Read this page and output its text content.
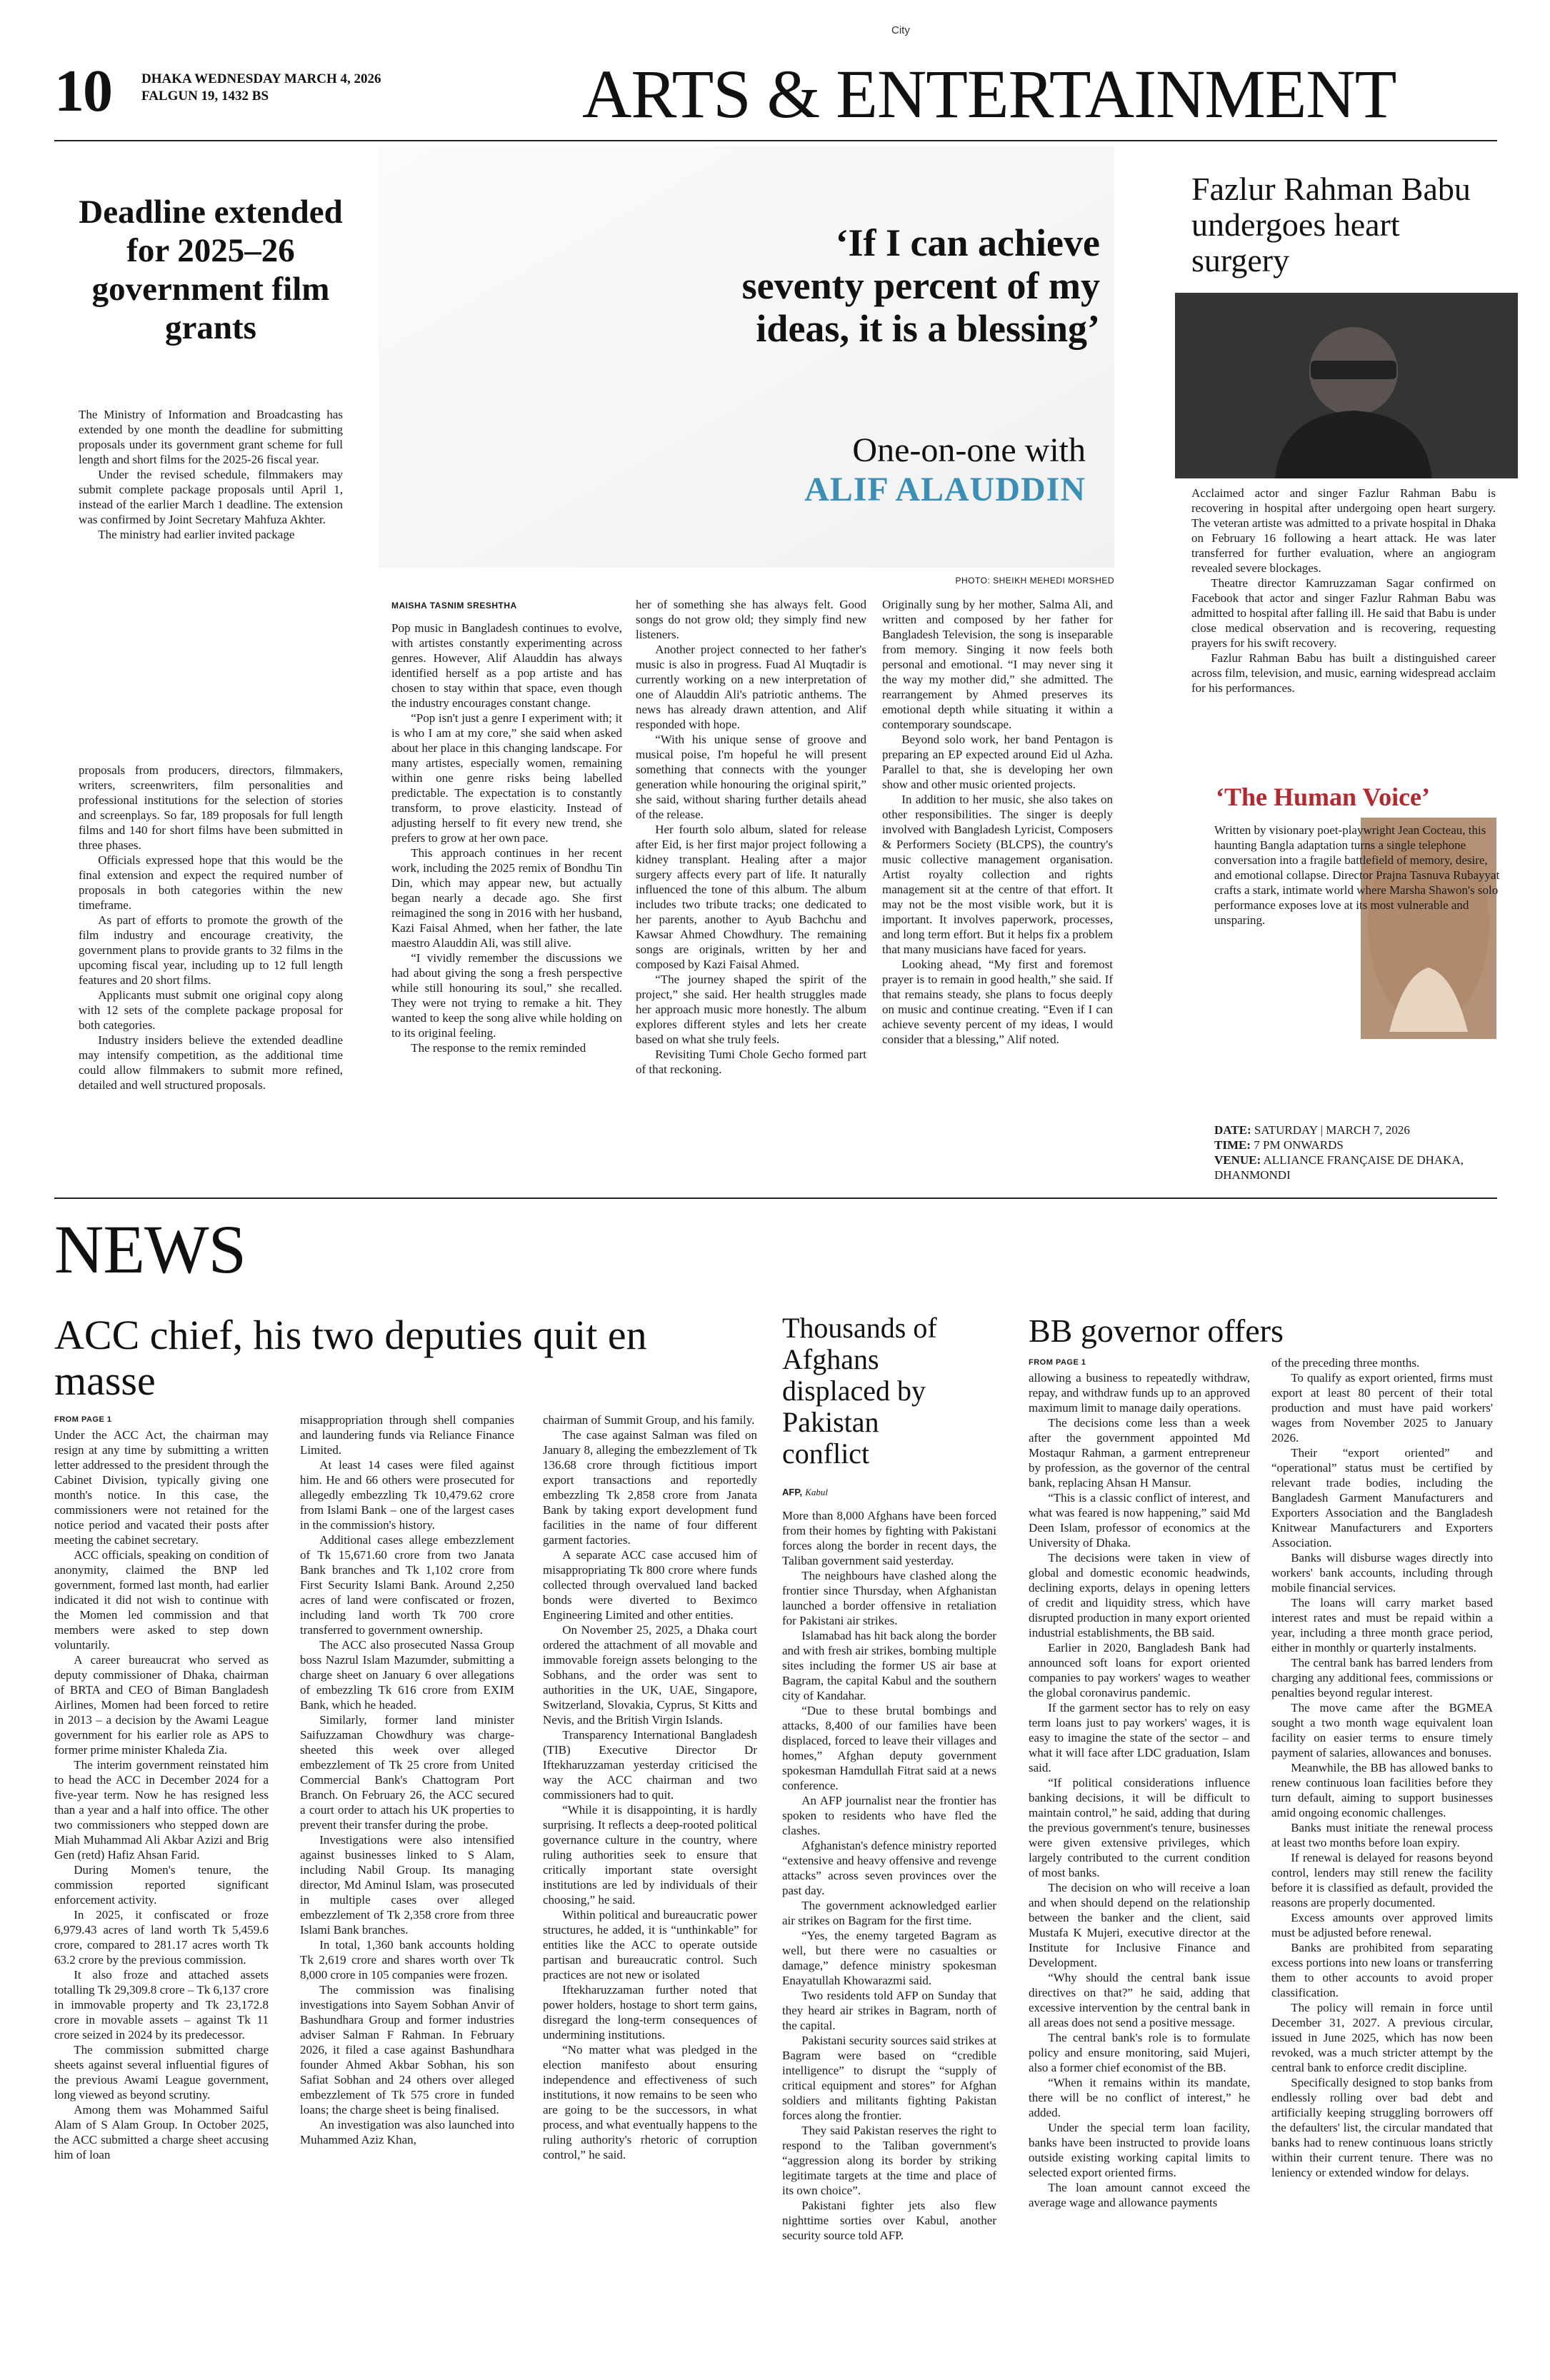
City
10 DHAKA WEDNESDAY MARCH 4, 2026
FALGUN 19, 1432 BS	ARTS & ENTERTAINMENT
Deadline extended for 2025–26 government film grants

The Ministry of Information and Broadcasting has extended by one month the deadline for submitting proposals under its government grant scheme for full length and short films for the 2025-26 fiscal year.

Under the revised schedule, filmmakers may submit complete package proposals until April 1, instead of the earlier March 1 deadline. The extension was confirmed by Joint Secretary Mahfuza Akhter.

The ministry had earlier invited package

proposals from producers, directors, filmmakers, writers, screenwriters, film personalities and professional institutions for the selection of stories and screenplays. So far, 189 proposals for full length films and 140 for short films have been submitted in three phases.

Officials expressed hope that this would be the final extension and expect the required number of proposals in both categories within the new timeframe.

As part of efforts to promote the growth of the film industry and encourage creativity, the government plans to provide grants to 32 films in the upcoming fiscal year, including up to 12 full length features and 20 short films.

Applicants must submit one original copy along with 12 sets of the complete package proposal for both categories.

Industry insiders believe the extended deadline may intensify competition, as the additional time could allow filmmakers to submit more refined, detailed and well structured proposals.

‘If I can achieve seventy percent of my ideas, it is a blessing’
One-on-one with
ALIF ALAUDDIN
PHOTO: SHEIKH MEHEDI MORSHED
MAISHA TASNIM SRESHTHA

Pop music in Bangladesh continues to evolve, with artistes constantly experimenting across genres. However, Alif Alauddin has always identified herself as a pop artiste and has chosen to stay within that space, even though the industry encourages constant change.

“Pop isn't just a genre I experiment with; it is who I am at my core,” she said when asked about her place in this changing landscape. For many artistes, especially women, remaining within one genre risks being labelled predictable. The expectation is to constantly transform, to prove elasticity. Instead of adjusting herself to fit every new trend, she prefers to grow at her own pace.

This approach continues in her recent work, including the 2025 remix of Bondhu Tin Din, which may appear new, but actually began nearly a decade ago. She first reimagined the song in 2016 with her husband, Kazi Faisal Ahmed, when her father, the late maestro Alauddin Ali, was still alive.

“I vividly remember the discussions we had about giving the song a fresh perspective while still honouring its soul,” she recalled. They were not trying to remake a hit. They wanted to keep the song alive while holding on to its original feeling.

The response to the remix reminded

her of something she has always felt. Good songs do not grow old; they simply find new listeners.

Another project connected to her father's music is also in progress. Fuad Al Muqtadir is currently working on a new interpretation of one of Alauddin Ali's patriotic anthems. The news has already drawn attention, and Alif responded with hope.

“With his unique sense of groove and musical poise, I'm hopeful he will present something that connects with the younger generation while honouring the original spirit,” she said, without sharing further details ahead of the release.

Her fourth solo album, slated for release after Eid, is her first major project following a kidney transplant. Healing after a major surgery affects every part of life. It naturally influenced the tone of this album. The album includes two tribute tracks; one dedicated to her parents, another to Ayub Bachchu and Kawsar Ahmed Chowdhury. The remaining songs are originals, written by her and composed by Kazi Faisal Ahmed.

“The journey shaped the spirit of the project,” she said. Her health struggles made her approach music more honestly. The album explores different styles and lets her create based on what she truly feels.

Revisiting Tumi Chole Gecho formed part of that reckoning.

Originally sung by her mother, Salma Ali, and written and composed by her father for Bangladesh Television, the song is inseparable from memory. Singing it now feels both personal and emotional. “I may never sing it the way my mother did,” she admitted. The rearrangement by Ahmed preserves its emotional depth while situating it within a contemporary soundscape.

Beyond solo work, her band Pentagon is preparing an EP expected around Eid ul Azha. Parallel to that, she is developing her own show and other music oriented projects.

In addition to her music, she also takes on other responsibilities. The singer is deeply involved with Bangladesh Lyricist, Composers & Performers Society (BLCPS), the country's music collective management organisation. Artist royalty collection and rights management sit at the centre of that effort. It may not be the most visible work, but it is important. It involves paperwork, processes, and long term effort. But it helps fix a problem that many musicians have faced for years.

Looking ahead, “My first and foremost prayer is to remain in good health,” she said. If that remains steady, she plans to focus deeply on music and continue creating. “Even if I can achieve seventy percent of my ideas, I would consider that a blessing,” Alif noted.

Fazlur Rahman Babu undergoes heart surgery

Acclaimed actor and singer Fazlur Rahman Babu is recovering in hospital after undergoing open heart surgery. The veteran artiste was admitted to a private hospital in Dhaka on February 16 following a heart attack. He was later transferred for further evaluation, where an angiogram revealed severe blockages.

Theatre director Kamruzzaman Sagar confirmed on Facebook that actor and singer Fazlur Rahman Babu was admitted to hospital after falling ill. He said that Babu is under close medical observation and is recovering, requesting prayers for his swift recovery.

Fazlur Rahman Babu has built a distinguished career across film, television, and music, earning widespread acclaim for his performances.

‘The Human Voice’
Written by visionary poet-playwright Jean Cocteau, this haunting Bangla adaptation turns a single telephone conversation into a fragile battlefield of memory, desire, and emotional collapse. Director Prajna Tasnuva Rubayyat crafts a stark, intimate world where Marsha Shawon's solo performance exposes love at its most vulnerable and unsparing.
DATE: SATURDAY | MARCH 7, 2026
TIME: 7 PM ONWARDS
VENUE: ALLIANCE FRANÇAISE DE DHAKA, DHANMONDI
NEWS
ACC chief, his two deputies quit en masse
FROM PAGE 1

Under the ACC Act, the chairman may resign at any time by submitting a written letter addressed to the president through the Cabinet Division, typically giving one month's notice. In this case, the commissioners were not retained for the notice period and vacated their posts after meeting the cabinet secretary.

ACC officials, speaking on condition of anonymity, claimed the BNP led government, formed last month, had earlier indicated it did not wish to continue with the Momen led commission and that members were asked to step down voluntarily.

A career bureaucrat who served as deputy commissioner of Dhaka, chairman of BRTA and CEO of Biman Bangladesh Airlines, Momen had been forced to retire in 2013 – a decision by the Awami League government for his earlier role as APS to former prime minister Khaleda Zia.

The interim government reinstated him to head the ACC in December 2024 for a five-year term. Now he has resigned less than a year and a half into office. The other two commissioners who stepped down are Miah Muhammad Ali Akbar Azizi and Brig Gen (retd) Hafiz Ahsan Farid.

During Momen's tenure, the commission reported significant enforcement activity.

In 2025, it confiscated or froze 6,979.43 acres of land worth Tk 5,459.6 crore, compared to 281.17 acres worth Tk 63.2 crore by the previous commission.

It also froze and attached assets totalling Tk 29,309.8 crore – Tk 6,137 crore in immovable property and Tk 23,172.8 crore in movable assets – against Tk 11 crore seized in 2024 by its predecessor.

The commission submitted charge sheets against several influential figures of the previous Awami League government, long viewed as beyond scrutiny.

Among them was Mohammed Saiful Alam of S Alam Group. In October 2025, the ACC submitted a charge sheet accusing him of loan

misappropriation through shell companies and laundering funds via Reliance Finance Limited.

At least 14 cases were filed against him. He and 66 others were prosecuted for allegedly embezzling Tk 10,479.62 crore from Islami Bank – one of the largest cases in the commission's history.

Additional cases allege embezzlement of Tk 15,671.60 crore from two Janata Bank branches and Tk 1,102 crore from First Security Islami Bank. Around 2,250 acres of land were confiscated or frozen, including land worth Tk 700 crore transferred to government ownership.

The ACC also prosecuted Nassa Group boss Nazrul Islam Mazumder, submitting a charge sheet on January 6 over allegations of embezzling Tk 616 crore from EXIM Bank, which he headed.

Similarly, former land minister Saifuzzaman Chowdhury was charge-sheeted this week over alleged embezzlement of Tk 25 crore from United Commercial Bank's Chattogram Port Branch. On February 26, the ACC secured a court order to attach his UK properties to prevent their transfer during the probe.

Investigations were also intensified against businesses linked to S Alam, including Nabil Group. Its managing director, Md Aminul Islam, was prosecuted in multiple cases over alleged embezzlement of Tk 2,358 crore from three Islami Bank branches.

In total, 1,360 bank accounts holding Tk 2,619 crore and shares worth over Tk 8,000 crore in 105 companies were frozen.

The commission was finalising investigations into Sayem Sobhan Anvir of Bashundhara Group and former industries adviser Salman F Rahman. In February 2026, it filed a case against Bashundhara founder Ahmed Akbar Sobhan, his son Safiat Sobhan and 24 others over alleged embezzlement of Tk 575 crore in funded loans; the charge sheet is being finalised.

An investigation was also launched into Muhammed Aziz Khan,

chairman of Summit Group, and his family.

The case against Salman was filed on January 8, alleging the embezzlement of Tk 136.68 crore through fictitious import export transactions and reportedly embezzling Tk 2,858 crore from Janata Bank by taking export development fund facilities in the name of four different garment factories.

A separate ACC case accused him of misappropriating Tk 800 crore where funds collected through overvalued land backed bonds were diverted to Beximco Engineering Limited and other entities.

On November 25, 2025, a Dhaka court ordered the attachment of all movable and immovable foreign assets belonging to the Sobhans, and the order was sent to authorities in the UK, UAE, Singapore, Switzerland, Slovakia, Cyprus, St Kitts and Nevis, and the British Virgin Islands.

Transparency International Bangladesh (TIB) Executive Director Dr Iftekharuzzaman yesterday criticised the way the ACC chairman and two commissioners had to quit.

“While it is disappointing, it is hardly surprising. It reflects a deep-rooted political governance culture in the country, where ruling authorities seek to ensure that critically important state oversight institutions are led by individuals of their choosing,” he said.

Within political and bureaucratic power structures, he added, it is “unthinkable” for entities like the ACC to operate outside partisan and bureaucratic control. Such practices are not new or isolated

Iftekharuzzaman further noted that power holders, hostage to short term gains, disregard the long-term consequences of undermining institutions.

“No matter what was pledged in the election manifesto about ensuring independence and effectiveness of such institutions, it now remains to be seen who are going to be the successors, in what process, and what eventually happens to the ruling authority's rhetoric of corruption control,” he said.

Thousands of Afghans displaced by Pakistan conflict

AFP, Kabul

More than 8,000 Afghans have been forced from their homes by fighting with Pakistani forces along the border in recent days, the Taliban government said yesterday.

The neighbours have clashed along the frontier since Thursday, when Afghanistan launched a border offensive in retaliation for Pakistani air strikes.

Islamabad has hit back along the border and with fresh air strikes, bombing multiple sites including the former US air base at Bagram, the capital Kabul and the southern city of Kandahar.

“Due to these brutal bombings and attacks, 8,400 of our families have been displaced, forced to leave their villages and homes,” Afghan deputy government spokesman Hamdullah Fitrat said at a news conference.

An AFP journalist near the frontier has spoken to residents who have fled the clashes.

Afghanistan's defence ministry reported “extensive and heavy offensive and revenge attacks” across seven provinces over the past day.

The government acknowledged earlier air strikes on Bagram for the first time.

“Yes, the enemy targeted Bagram as well, but there were no casualties or damage,” defence ministry spokesman Enayatullah Khowarazmi said.

Two residents told AFP on Sunday that they heard air strikes in Bagram, north of the capital.

Pakistani security sources said strikes at Bagram were based on “credible intelligence” to disrupt the “supply of critical equipment and stores” for Afghan soldiers and militants fighting Pakistan forces along the frontier.

They said Pakistan reserves the right to respond to the Taliban government's “aggression along its border by striking legitimate targets at the time and place of its own choice”.

Pakistani fighter jets also flew nighttime sorties over Kabul, another security source told AFP.

BB governor offers
FROM PAGE 1

allowing a business to repeatedly withdraw, repay, and withdraw funds up to an approved maximum limit to manage daily operations.

The decisions come less than a week after the government appointed Md Mostaqur Rahman, a garment entrepreneur by profession, as the governor of the central bank, replacing Ahsan H Mansur.

“This is a classic conflict of interest, and what was feared is now happening,” said Md Deen Islam, professor of economics at the University of Dhaka.

The decisions were taken in view of global and domestic economic headwinds, declining exports, delays in opening letters of credit and liquidity stress, which have disrupted production in many export oriented industrial establishments, the BB said.

Earlier in 2020, Bangladesh Bank had announced soft loans for export oriented companies to pay workers' wages to weather the global coronavirus pandemic.

If the garment sector has to rely on easy term loans just to pay workers' wages, it is easy to imagine the state of the sector – and what it will face after LDC graduation, Islam said.

“If political considerations influence banking decisions, it will be difficult to maintain control,” he said, adding that during the previous government's tenure, businesses were given extensive privileges, which largely contributed to the current condition of most banks.

The decision on who will receive a loan and when should depend on the relationship between the banker and the client, said Mustafa K Mujeri, executive director at the Institute for Inclusive Finance and Development.

“Why should the central bank issue directives on that?” he said, adding that excessive intervention by the central bank in all areas does not send a positive message.

The central bank's role is to formulate policy and ensure monitoring, said Mujeri, also a former chief economist of the BB.

“When it remains within its mandate, there will be no conflict of interest,” he added.

Under the special term loan facility, banks have been instructed to provide loans outside existing working capital limits to selected export oriented firms.

The loan amount cannot exceed the average wage and allowance payments

of the preceding three months.

To qualify as export oriented, firms must export at least 80 percent of their total production and must have paid workers' wages from November 2025 to January 2026.

Their “export oriented” and “operational” status must be certified by relevant trade bodies, including the Bangladesh Garment Manufacturers and Exporters Association and the Bangladesh Knitwear Manufacturers and Exporters Association.

Banks will disburse wages directly into workers' bank accounts, including through mobile financial services.

The loans will carry market based interest rates and must be repaid within a year, including a three month grace period, either in monthly or quarterly instalments.

The central bank has barred lenders from charging any additional fees, commissions or penalties beyond regular interest.

The move came after the BGMEA sought a two month wage equivalent loan facility on easier terms to ensure timely payment of salaries, allowances and bonuses.

Meanwhile, the BB has allowed banks to renew continuous loan facilities before they turn default, aiming to support businesses amid ongoing economic challenges.

Banks must initiate the renewal process at least two months before loan expiry.

If renewal is delayed for reasons beyond control, lenders may still renew the facility before it is classified as default, provided the reasons are properly documented.

Excess amounts over approved limits must be adjusted before renewal.

Banks are prohibited from separating excess portions into new loans or transferring them to other accounts to avoid proper classification.

The policy will remain in force until December 31, 2027. A previous circular, issued in June 2025, which has now been revoked, was a much stricter attempt by the central bank to enforce credit discipline.

Specifically designed to stop banks from endlessly rolling over bad debt and artificially keeping struggling borrowers off the defaulters' list, the circular mandated that banks had to renew continuous loans strictly within their current tenure. There was no leniency or extended window for delays.
